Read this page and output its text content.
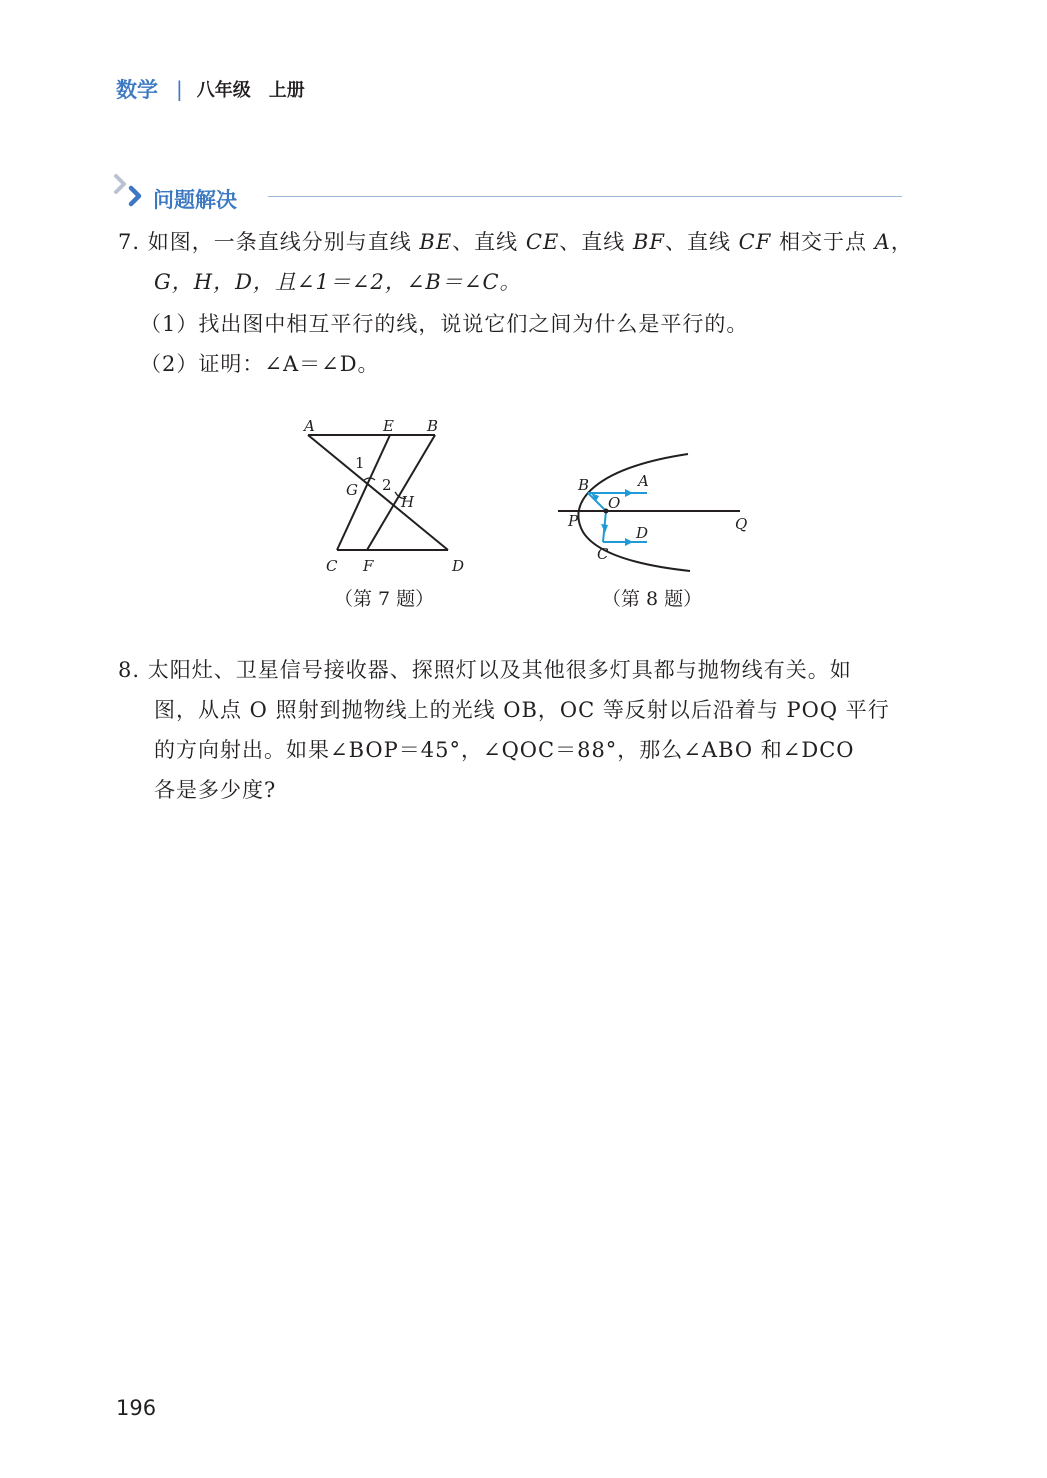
数学 | 八年级 上册
问题解决
7. 如图，一条直线分别与直线 BE、直线 CE、直线 BF、直线 CF 相交于点 A，
G，H，D，且∠1＝∠2，∠B＝∠C。
（1）找出图中相互平行的线，说说它们之间为什么是平行的。
（2）证明：∠A＝∠D。
A	E B
1
G 2
H
C F	D
（第 7 题）
B	A
O
P	Q
D
C
（第 8 题）
8. 太阳灶、卫星信号接收器、探照灯以及其他很多灯具都与抛物线有关。如
图，从点 O 照射到抛物线上的光线 OB，OC 等反射以后沿着与 POQ 平行
的方向射出。如果∠BOP＝45°，∠QOC＝88°，那么∠ABO 和∠DCO
各是多少度?
196
